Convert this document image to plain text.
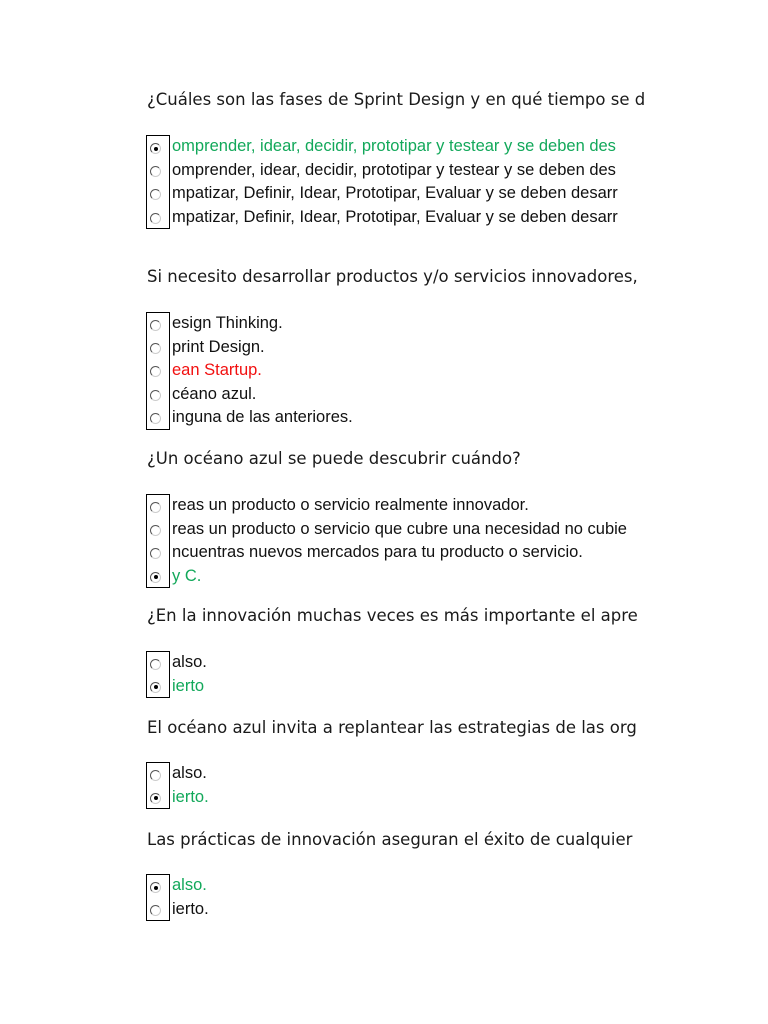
¿Cuáles son las fases de Sprint Design y en qué tiempo se d
omprender, idear, decidir, prototipar y testear y se deben des
omprender, idear, decidir, prototipar y testear y se deben des
mpatizar, Definir, Idear, Prototipar, Evaluar y se deben desarr
mpatizar, Definir, Idear, Prototipar, Evaluar y se deben desarr
Si necesito desarrollar productos y/o servicios innovadores,
esign Thinking.
print Design.
ean Startup.
céano azul.
inguna de las anteriores.
¿Un océano azul se puede descubrir cuándo?
reas un producto o servicio realmente innovador.
reas un producto o servicio que cubre una necesidad no cubie
ncuentras nuevos mercados para tu producto o servicio.
y C.
¿En la innovación muchas veces es más importante el apre
also.
ierto
El océano azul invita a replantear las estrategias de las org
also.
ierto.
Las prácticas de innovación aseguran el éxito de cualquier
also.
ierto.
